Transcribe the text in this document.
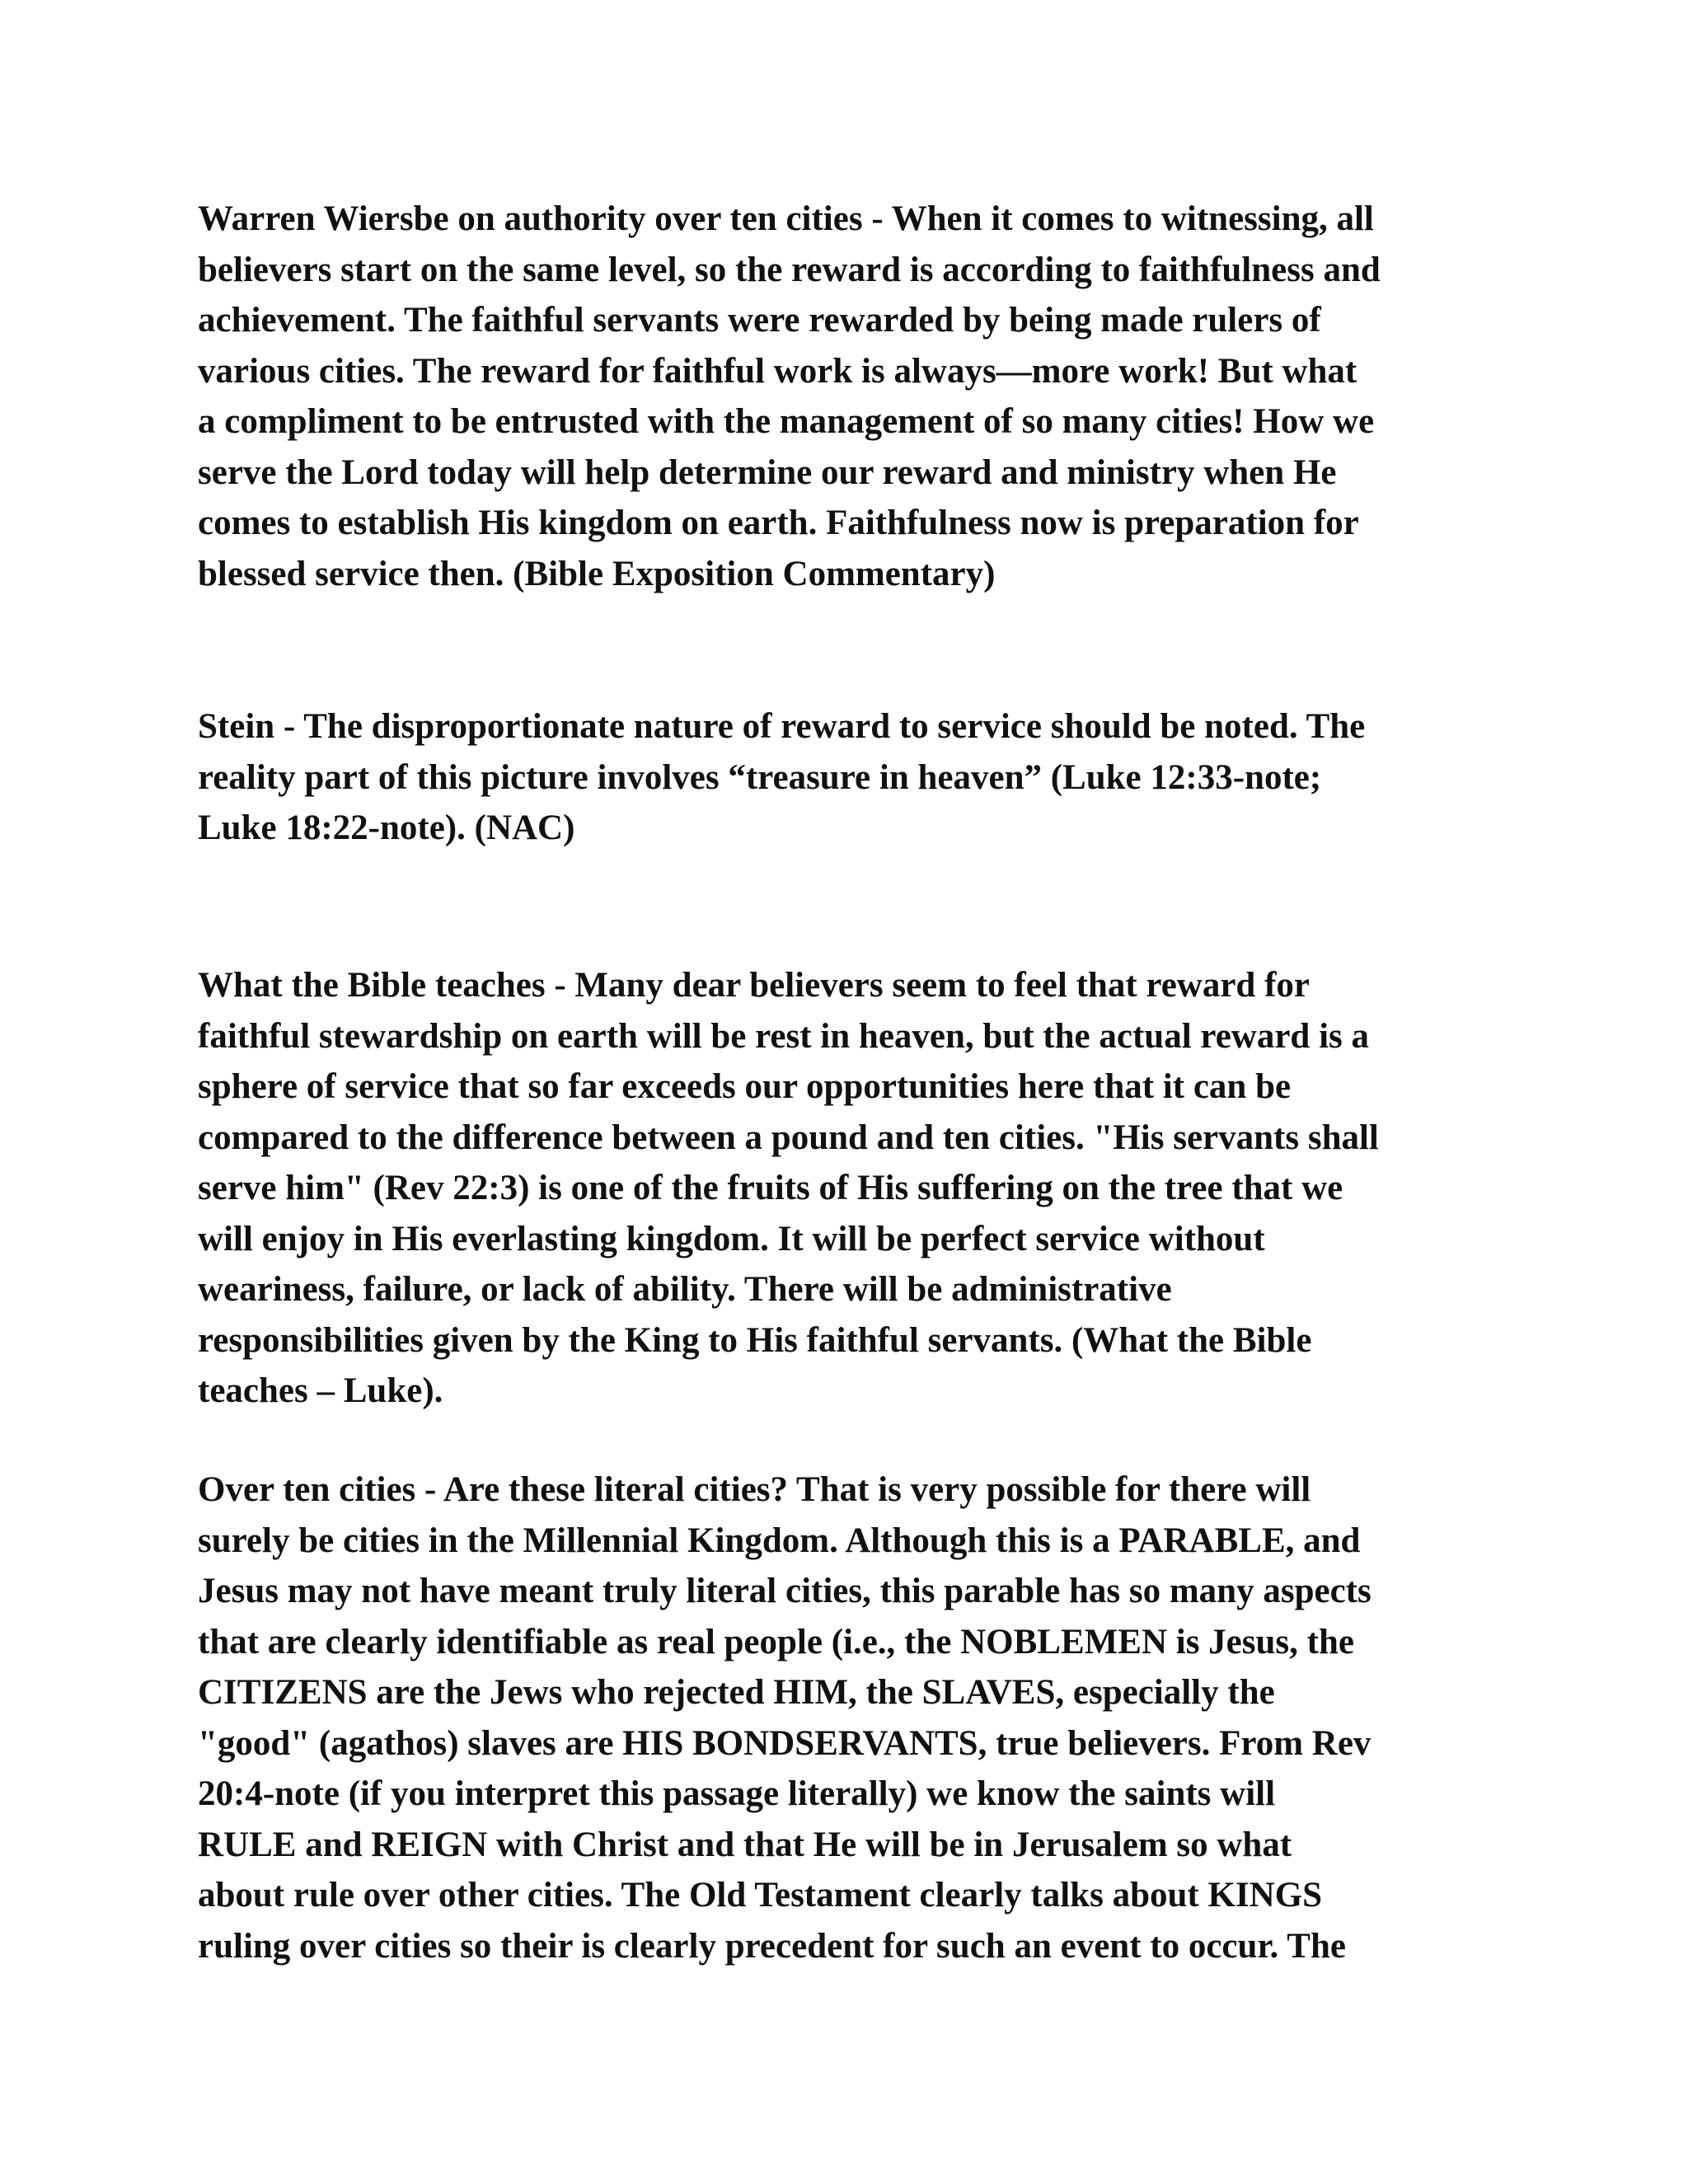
Warren Wiersbe on authority over ten cities - When it comes to witnessing, all
believers start on the same level, so the reward is according to faithfulness and
achievement. The faithful servants were rewarded by being made rulers of
various cities. The reward for faithful work is always—more work! But what
a compliment to be entrusted with the management of so many cities! How we
serve the Lord today will help determine our reward and ministry when He
comes to establish His kingdom on earth. Faithfulness now is preparation for
blessed service then. (Bible Exposition Commentary)

Stein - The disproportionate nature of reward to service should be noted. The
reality part of this picture involves “treasure in heaven” (Luke 12:33-note;
Luke 18:22-note). (NAC)

What the Bible teaches - Many dear believers seem to feel that reward for
faithful stewardship on earth will be rest in heaven, but the actual reward is a
sphere of service that so far exceeds our opportunities here that it can be
compared to the difference between a pound and ten cities. "His servants shall
serve him" (Rev 22:3) is one of the fruits of His suffering on the tree that we
will enjoy in His everlasting kingdom. It will be perfect service without
weariness, failure, or lack of ability. There will be administrative
responsibilities given by the King to His faithful servants. (What the Bible
teaches – Luke).

Over ten cities - Are these literal cities? That is very possible for there will
surely be cities in the Millennial Kingdom. Although this is a PARABLE, and
Jesus may not have meant truly literal cities, this parable has so many aspects
that are clearly identifiable as real people (i.e., the NOBLEMEN is Jesus, the
CITIZENS are the Jews who rejected HIM, the SLAVES, especially the
"good" (agathos) slaves are HIS BONDSERVANTS, true believers. From Rev
20:4-note (if you interpret this passage literally) we know the saints will
RULE and REIGN with Christ and that He will be in Jerusalem so what
about rule over other cities. The Old Testament clearly talks about KINGS
ruling over cities so their is clearly precedent for such an event to occur. The
